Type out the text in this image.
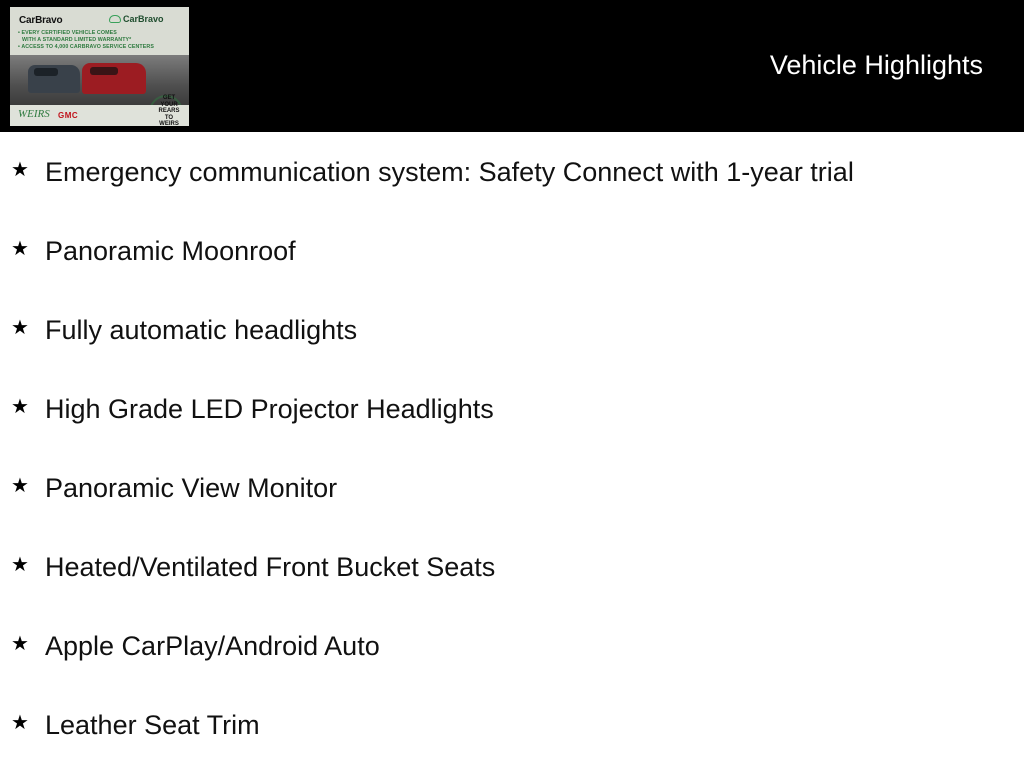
CarBravo	CarBravo
• EVERY CERTIFIED VEHICLE COMES
WITH A STANDARD LIMITED WARRANTY*
• ACCESS TO 4,000 CARBRAVO SERVICE CENTERS
WEIRS GMC
GET YOUR
REARS
TO
WEIRS
Vehicle Highlights
★ Emergency communication system: Safety Connect with 1-year trial
★ Panoramic Moonroof
★ Fully automatic headlights
★ High Grade LED Projector Headlights
★ Panoramic View Monitor
★ Heated/Ventilated Front Bucket Seats
★ Apple CarPlay/Android Auto
★ Leather Seat Trim
